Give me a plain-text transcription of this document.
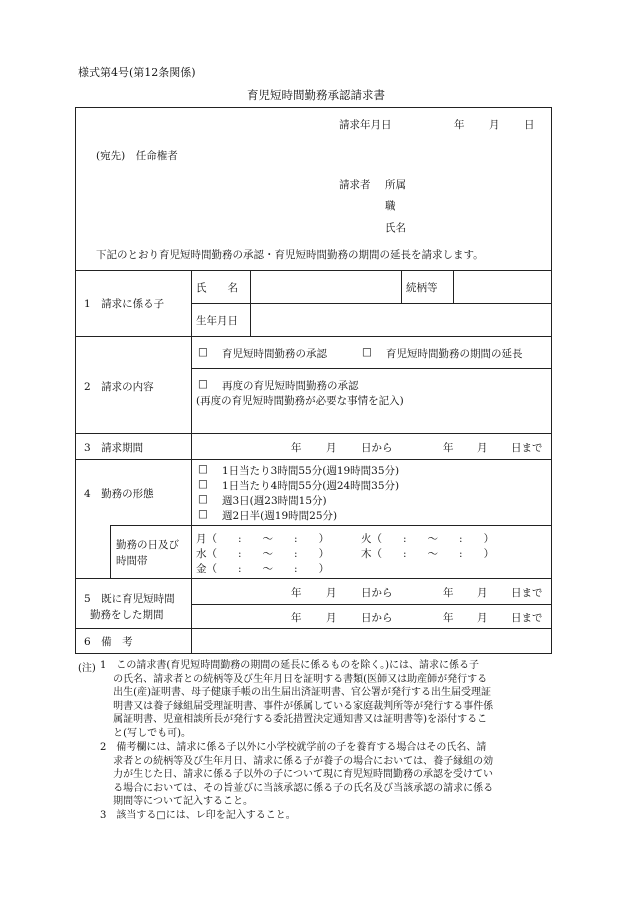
様式第4号(第12条関係)
育児短時間勤務承認請求書
請求年月日	年 月 日
(宛先)　任命権者
請求者 所属
職
氏名
下記のとおり育児短時間勤務の承認・育児短時間勤務の期間の延長を請求します。
1　請求に係る子
氏　　名	続柄等
生年月日
2　請求の内容
□ 育児短時間勤務の承認	□ 育児短時間勤務の期間の延長
□ 再度の育児短時間勤務の承認
(再度の育児短時間勤務が必要な事情を記入)
3　請求期間	年 月 日から	年 月 日まで
4　勤務の形態
□ 1日当たり3時間55分(週19時間35分)
□ 1日当たり4時間55分(週24時間35分)
□ 週3日(週23時間15分)
□ 週2日半(週19時間25分)
勤務の日及び
時間帯
月（　　:　　〜　　:　　）	火（　　:　　〜　　:　　）
水（　　:　　〜　　:　　）	木（　　:　　〜　　:　　）
金（　　:　　〜　　:　　）
5　既に育児短時間
勤務をした期間
年 月 日から	年 月 日まで
年 月 日から	年 月 日まで
6　備　考
(注) 1　この請求書(育児短時間勤務の期間の延長に係るものを除く。)には、請求に係る子
　 の氏名、請求者との続柄等及び生年月日を証明する書類(医師又は助産師が発行する
　 出生(産)証明書、母子健康手帳の出生届出済証明書、官公署が発行する出生届受理証
　 明書又は養子縁組届受理証明書、事件が係属している家庭裁判所等が発行する事件係
　 属証明書、児童相談所長が発行する委託措置決定通知書又は証明書等)を添付するこ
　 と(写しでも可)。
2　備考欄には、請求に係る子以外に小学校就学前の子を養育する場合はその氏名、請
　 求者との続柄等及び生年月日、請求に係る子が養子の場合においては、養子縁組の効
　 力が生じた日、請求に係る子以外の子について現に育児短時間勤務の承認を受けてい
　 る場合においては、その旨並びに当該承認に係る子の氏名及び当該承認の請求に係る
　 期間等について記入すること。
3　該当する□には、レ印を記入すること。
